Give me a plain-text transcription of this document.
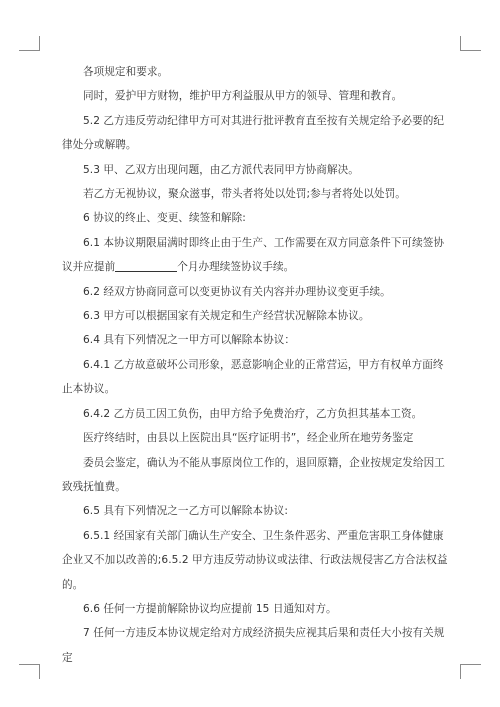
各项规定和要求。

同时，爱护甲方财物，维护甲方利益服从甲方的领导、管理和教育。

5.2 乙方违反劳动纪律甲方可对其进行批评教育直至按有关规定给予必要的纪律处分或解聘。

5.3 甲、乙双方出现问题，由乙方派代表同甲方协商解决。

若乙方无视协议，聚众滋事，带头者将处以处罚;参与者将处以处罚。

6 协议的终止、变更、续签和解除:

6.1 本协议期限届满时即终止由于生产、工作需要在双方同意条件下可续签协议并应提前	个月办理续签协议手续。

6.2 经双方协商同意可以变更协议有关内容并办理协议变更手续。

6.3 甲方可以根据国家有关规定和生产经营状况解除本协议。

6.4 具有下列情况之一甲方可以解除本协议：

6.4.1 乙方故意破坏公司形象，恶意影响企业的正常营运，甲方有权单方面终止本协议。

6.4.2 乙方员工因工负伤，由甲方给予免费治疗，乙方负担其基本工资。

医疗终结时，由县以上医院出具“医疗证明书”，经企业所在地劳务鉴定

委员会鉴定，确认为不能从事原岗位工作的，退回原籍，企业按规定发给因工致残抚恤费。

6.5 具有下列情况之一乙方可以解除本协议:

6.5.1 经国家有关部门确认生产安全、卫生条件恶劣、严重危害职工身体健康企业又不加以改善的;6.5.2 甲方违反劳动协议或法律、行政法规侵害乙方合法权益的。

6.6 任何一方提前解除协议均应提前 15 日通知对方。

7 任何一方违反本协议规定给对方成经济损失应视其后果和责任大小按有关规定
